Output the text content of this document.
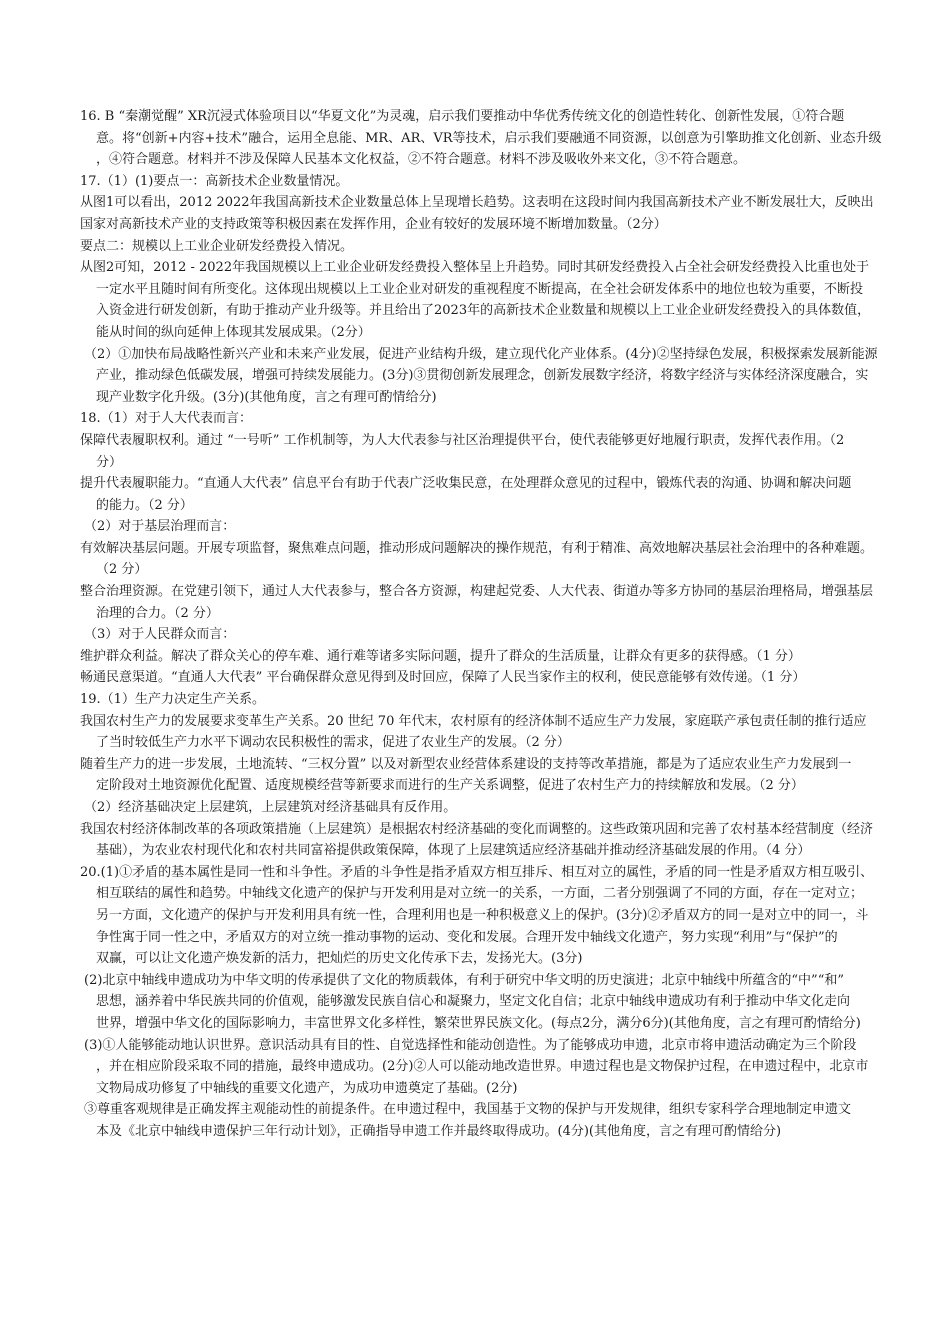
16. B “秦潮觉醒” XR沉浸式体验项目以“华夏文化”为灵魂，启示我们要推动中华优秀传统文化的创造性转化、创新性发展，①符合题
意。将“创新+内容+技术”融合，运用全息能、MR、AR、VR等技术，启示我们要融通不同资源，以创意为引擎助推文化创新、业态升级
，④符合题意。材料并不涉及保障人民基本文化权益，②不符合题意。材料不涉及吸收外来文化，③不符合题意。
17.（1）(1)要点一：高新技术企业数量情况。
从图1可以看出，2012 2022年我国高新技术企业数量总体上呈现增长趋势。这表明在这段时间内我国高新技术产业不断发展壮大，反映出
国家对高新技术产业的支持政策等积极因素在发挥作用，企业有较好的发展环境不断增加数量。（2分）
要点二：规模以上工业企业研发经费投入情况。
从图2可知，2012 - 2022年我国规模以上工业企业研发经费投入整体呈上升趋势。同时其研发经费投入占全社会研发经费投入比重也处于
一定水平且随时间有所变化。这体现出规模以上工业企业对研发的重视程度不断提高，在全社会研发体系中的地位也较为重要，不断投
入资金进行研发创新，有助于推动产业升级等。并且给出了2023年的高新技术企业数量和规模以上工业企业研发经费投入的具体数值，
能从时间的纵向延伸上体现其发展成果。（2分）
（2）①加快布局战略性新兴产业和未来产业发展，促进产业结构升级，建立现代化产业体系。(4分)②坚持绿色发展，积极探索发展新能源
产业，推动绿色低碳发展，增强可持续发展能力。(3分)③贯彻创新发展理念，创新发展数字经济，将数字经济与实体经济深度融合，实
现产业数字化升级。(3分)(其他角度，言之有理可酌情给分)
18.（1）对于人大代表而言：
保障代表履职权利。通过 “一号听” 工作机制等，为人大代表参与社区治理提供平台，使代表能够更好地履行职责，发挥代表作用。（2
分）
提升代表履职能力。“直通人大代表” 信息平台有助于代表广泛收集民意，在处理群众意见的过程中，锻炼代表的沟通、协调和解决问题
的能力。（2 分）
（2）对于基层治理而言：
有效解决基层问题。开展专项监督，聚焦难点问题，推动形成问题解决的操作规范，有利于精准、高效地解决基层社会治理中的各种难题。
（2 分）
整合治理资源。在党建引领下，通过人大代表参与，整合各方资源，构建起党委、人大代表、街道办等多方协同的基层治理格局，增强基层
治理的合力。（2 分）
（3）对于人民群众而言：
维护群众利益。解决了群众关心的停车难、通行难等诸多实际问题，提升了群众的生活质量，让群众有更多的获得感。（1 分）
畅通民意渠道。“直通人大代表” 平台确保群众意见得到及时回应，保障了人民当家作主的权利，使民意能够有效传递。（1 分）
19.（1）生产力决定生产关系。
我国农村生产力的发展要求变革生产关系。20 世纪 70 年代末，农村原有的经济体制不适应生产力发展，家庭联产承包责任制的推行适应
了当时较低生产力水平下调动农民积极性的需求，促进了农业生产的发展。（2 分）
随着生产力的进一步发展，土地流转、“三权分置” 以及对新型农业经营体系建设的支持等改革措施，都是为了适应农业生产力发展到一
定阶段对土地资源优化配置、适度规模经营等新要求而进行的生产关系调整，促进了农村生产力的持续解放和发展。（2 分）
（2）经济基础决定上层建筑，上层建筑对经济基础具有反作用。
我国农村经济体制改革的各项政策措施（上层建筑）是根据农村经济基础的变化而调整的。这些政策巩固和完善了农村基本经营制度（经济
基础），为农业农村现代化和农村共同富裕提供政策保障，体现了上层建筑适应经济基础并推动经济基础发展的作用。（4 分）
20.(1)①矛盾的基本属性是同一性和斗争性。矛盾的斗争性是指矛盾双方相互排斥、相互对立的属性，矛盾的同一性是矛盾双方相互吸引、
相互联结的属性和趋势。中轴线文化遗产的保护与开发利用是对立统一的关系，一方面，二者分别强调了不同的方面，存在一定对立；
另一方面，文化遗产的保护与开发利用具有统一性，合理利用也是一种积极意义上的保护。(3分)②矛盾双方的同一是对立中的同一，斗
争性寓于同一性之中，矛盾双方的对立统一推动事物的运动、变化和发展。合理开发中轴线文化遗产，努力实现“利用”与“保护”的
双赢，可以让文化遗产焕发新的活力，把灿烂的历史文化传承下去，发扬光大。(3分)
(2)北京中轴线申遗成功为中华文明的传承提供了文化的物质载体，有利于研究中华文明的历史演进；北京中轴线中所蕴含的“中”“和”
思想，涵养着中华民族共同的价值观，能够激发民族自信心和凝聚力，坚定文化自信；北京中轴线申遗成功有利于推动中华文化走向
世界，增强中华文化的国际影响力，丰富世界文化多样性，繁荣世界民族文化。(每点2分，满分6分)(其他角度，言之有理可酌情给分)
(3)①人能够能动地认识世界。意识活动具有目的性、自觉选择性和能动创造性。为了能够成功申遗，北京市将申遗活动确定为三个阶段
，并在相应阶段采取不同的措施，最终申遗成功。(2分)②人可以能动地改造世界。申遗过程也是文物保护过程，在申遗过程中，北京市
文物局成功修复了中轴线的重要文化遗产，为成功申遗奠定了基础。(2分)
③尊重客观规律是正确发挥主观能动性的前提条件。在申遗过程中，我国基于文物的保护与开发规律，组织专家科学合理地制定申遗文
本及《北京中轴线申遗保护三年行动计划》，正确指导申遗工作并最终取得成功。(4分)(其他角度，言之有理可酌情给分)
